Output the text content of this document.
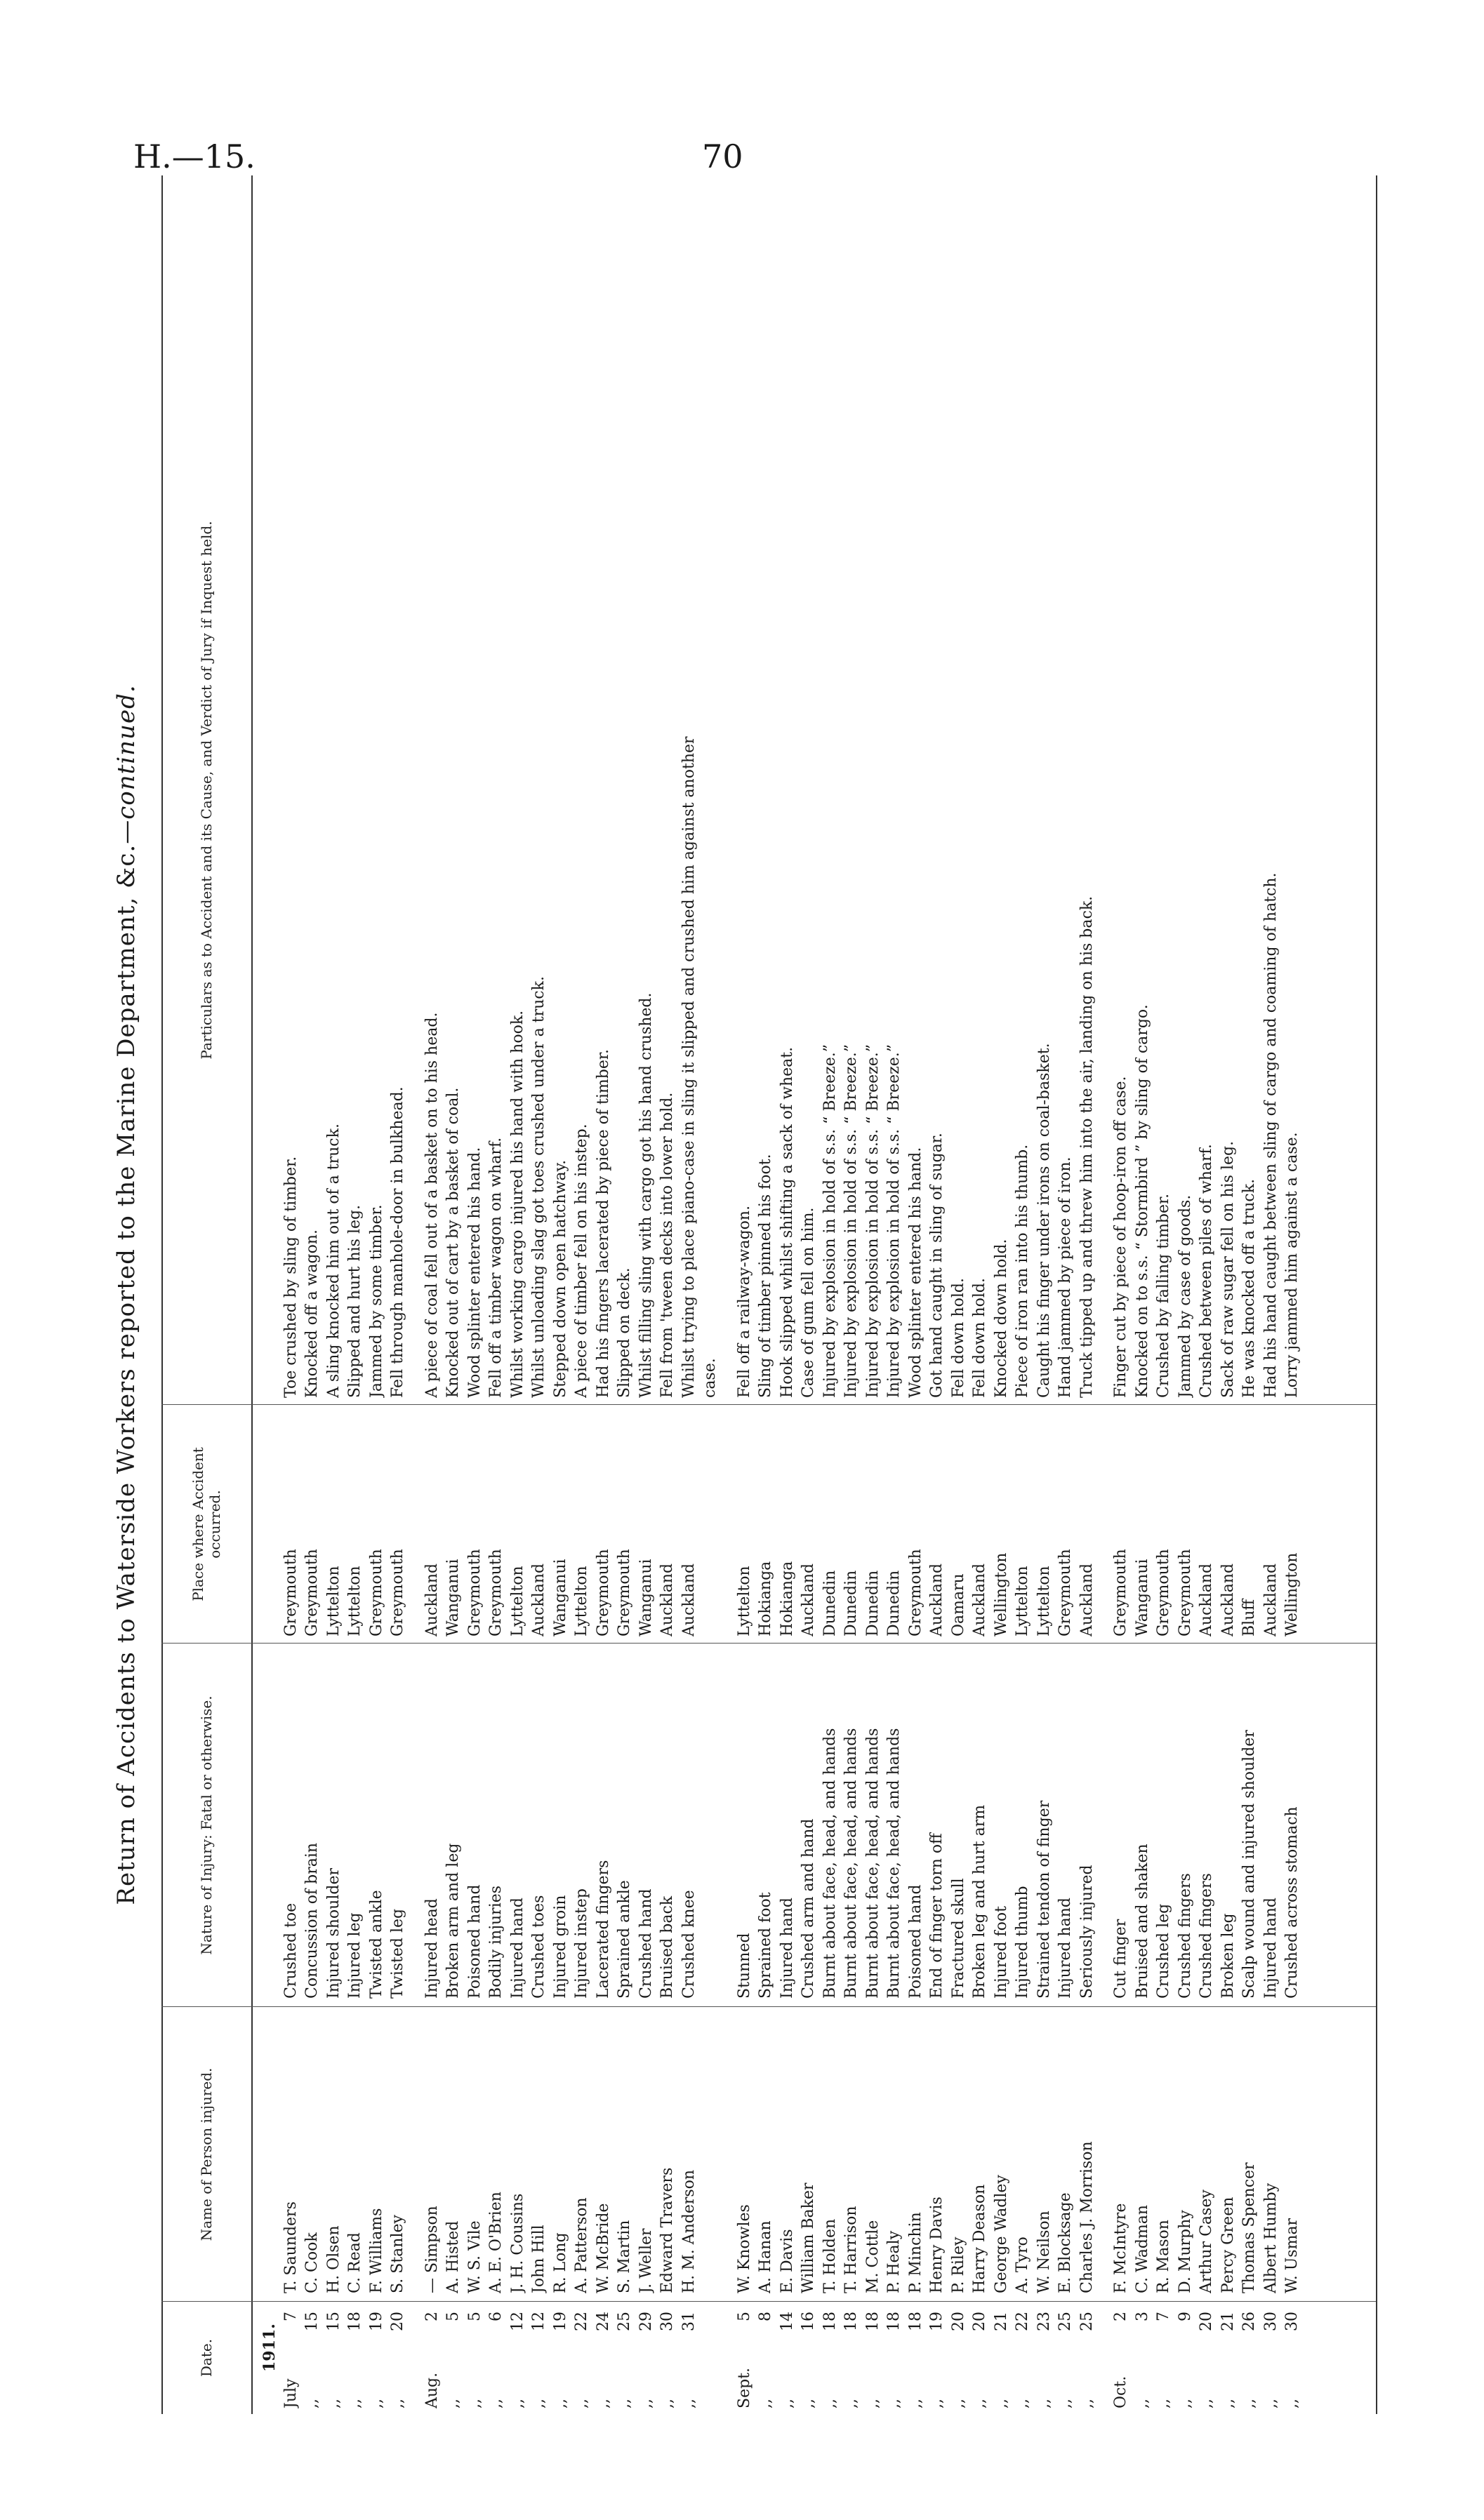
H.—15.	70
Return of Accidents to Waterside Workers reported to the Marine Department, &c.—continued.
Date.
Name of Person injured.
Nature of Injury: Fatal or otherwise.
Place where Accident occurred.
Particulars as to Accident and its Cause, and Verdict of Jury if Inquest held.
1911.
July
7
T. Saunders
Crushed toe
Greymouth
Toe crushed by sling of timber.
,,
15
C. Cook
Concussion of brain
Greymouth
Knocked off a wagon.
,,
15
H. Olsen
Injured shoulder
Lyttelton
A sling knocked him out of a truck.
,,
18
C. Read
Injured leg
Lyttelton
Slipped and hurt his leg.
,,
19
F. Williams
Twisted ankle
Greymouth
Jammed by some timber.
,,
20
S. Stanley
Twisted leg
Greymouth
Fell through manhole-door in bulkhead.
Aug.
2
— Simpson
Injured head
Auckland
A piece of coal fell out of a basket on to his head.
,,
5
A. Histed
Broken arm and leg
Wanganui
Knocked out of cart by a basket of coal.
,,
5
W. S. Vile
Poisoned hand
Greymouth
Wood splinter entered his hand.
,,
6
A. E. O'Brien
Bodily injuries
Greymouth
Fell off a timber wagon on wharf.
,,
12
J. H. Cousins
Injured hand
Lyttelton
Whilst working cargo injured his hand with hook.
,,
12
John Hill
Crushed toes
Auckland
Whilst unloading slag got toes crushed under a truck.
,,
19
R. Long
Injured groin
Wanganui
Stepped down open hatchway.
,,
22
A. Patterson
Injured instep
Lyttelton
A piece of timber fell on his instep.
,,
24
W. McBride
Lacerated fingers
Greymouth
Had his fingers lacerated by piece of timber.
,,
25
S. Martin
Sprained ankle
Greymouth
Slipped on deck.
,,
29
J. Weller
Crushed hand
Wanganui
Whilst filling sling with cargo got his hand crushed.
,,
30
Edward Travers
Bruised back
Auckland
Fell from 'tween decks into lower hold.
,,
31
H. M. Anderson
Crushed knee
Auckland
Whilst trying to place piano-case in sling it slipped and crushed him against another case.
Sept.
5
W. Knowles
Stunned
Lyttelton
Fell off a railway-wagon.
,,
8
A. Hanan
Sprained foot
Hokianga
Sling of timber pinned his foot.
,,
14
E. Davis
Injured hand
Hokianga
Hook slipped whilst shifting a sack of wheat.
,,
16
William Baker
Crushed arm and hand
Auckland
Case of gum fell on him.
,,
18
T. Holden
Burnt about face, head, and hands
Dunedin
Injured by explosion in hold of s.s. “ Breeze.”
,,
18
T. Harrison
Burnt about face, head, and hands
Dunedin
Injured by explosion in hold of s.s. “ Breeze.”
,,
18
M. Cottle
Burnt about face, head, and hands
Dunedin
Injured by explosion in hold of s.s. “ Breeze.”
,,
18
P. Healy
Burnt about face, head, and hands
Dunedin
Injured by explosion in hold of s.s. “ Breeze.”
,,
18
P. Minchin
Poisoned hand
Greymouth
Wood splinter entered his hand.
,,
19
Henry Davis
End of finger torn off
Auckland
Got hand caught in sling of sugar.
,,
20
P. Riley
Fractured skull
Oamaru
Fell down hold.
,,
20
Harry Deason
Broken leg and hurt arm
Auckland
Fell down hold.
,,
21
George Wadley
Injured foot
Wellington
Knocked down hold.
,,
22
A. Tyro
Injured thumb
Lyttelton
Piece of iron ran into his thumb.
,,
23
W. Neilson
Strained tendon of finger
Lyttelton
Caught his finger under irons on coal-basket.
,,
25
E. Blocksage
Injured hand
Greymouth
Hand jammed by piece of iron.
,,
25
Charles J. Morrison
Seriously injured
Auckland
Truck tipped up and threw him into the air, landing on his back.
Oct.
2
F. McIntyre
Cut finger
Greymouth
Finger cut by piece of hoop-iron off case.
,,
3
C. Wadman
Bruised and shaken
Wanganui
Knocked on to s.s. “ Stormbird ” by sling of cargo.
,,
7
R. Mason
Crushed leg
Greymouth
Crushed by falling timber.
,,
9
D. Murphy
Crushed fingers
Greymouth
Jammed by case of goods.
,,
20
Arthur Casey
Crushed fingers
Auckland
Crushed between piles of wharf.
,,
21
Percy Green
Broken leg
Auckland
Sack of raw sugar fell on his leg.
,,
26
Thomas Spencer
Scalp wound and injured shoulder
Bluff
He was knocked off a truck.
,,
30
Albert Humby
Injured hand
Auckland
Had his hand caught between sling of cargo and coaming of hatch.
,,
30
W. Usmar
Crushed across stomach
Wellington
Lorry jammed him against a case.
